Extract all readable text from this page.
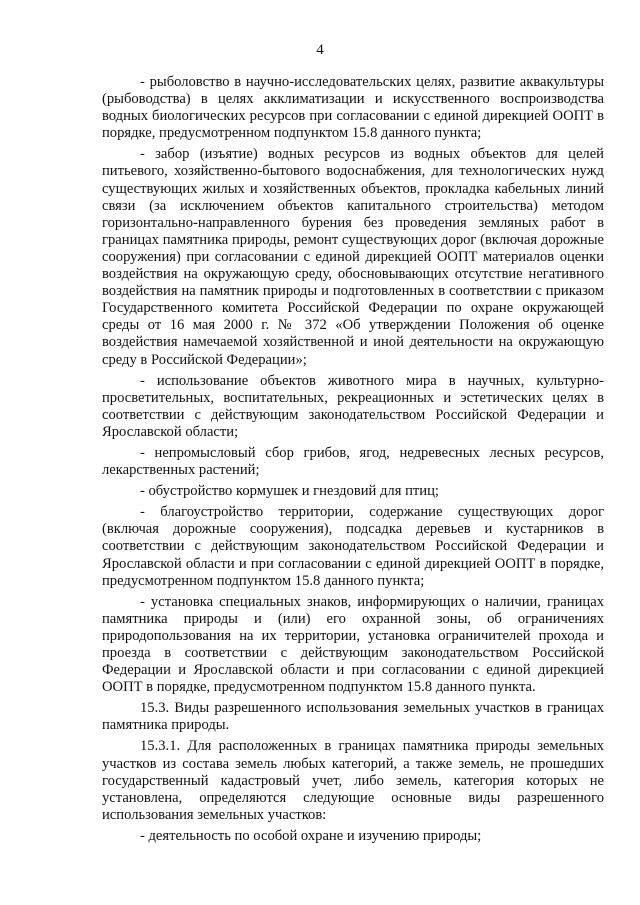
4

- рыболовство в научно-исследовательских целях, развитие аквакультуры (рыбоводства) в целях акклиматизации и искусственного воспроизводства водных биологических ресурсов при согласовании с единой дирекцией ООПТ в порядке, предусмотренном подпунктом 15.8 данного пункта;

- забор (изъятие) водных ресурсов из водных объектов для целей питьевого, хозяйственно-бытового водоснабжения, для технологических нужд существующих жилых и хозяйственных объектов, прокладка кабельных линий связи (за исключением объектов капитального строительства) методом горизонтально-направленного бурения без проведения земляных работ в границах памятника природы, ремонт существующих дорог (включая дорожные сооружения) при согласовании с единой дирекцией ООПТ материалов оценки воздействия на окружающую среду, обосновывающих отсутствие негативного воздействия на памятник природы и подготовленных в соответствии с приказом Государственного комитета Российской Федерации по охране окружающей среды от 16 мая 2000 г. № 372 «Об утверждении Положения об оценке воздействия намечаемой хозяйственной и иной деятельности на окружающую среду в Российской Федерации»;

- использование объектов животного мира в научных, культурно-просветительных, воспитательных, рекреационных и эстетических целях в соответствии с действующим законодательством Российской Федерации и Ярославской области;

- непромысловый сбор грибов, ягод, недревесных лесных ресурсов, лекарственных растений;

- обустройство кормушек и гнездовий для птиц;

- благоустройство территории, содержание существующих дорог (включая дорожные сооружения), подсадка деревьев и кустарников в соответствии с действующим законодательством Российской Федерации и Ярославской области и при согласовании с единой дирекцией ООПТ в порядке, предусмотренном подпунктом 15.8 данного пункта;

- установка специальных знаков, информирующих о наличии, границах памятника природы и (или) его охранной зоны, об ограничениях природопользования на их территории, установка ограничителей прохода и проезда в соответствии с действующим законодательством Российской Федерации и Ярославской области и при согласовании с единой дирекцией ООПТ в порядке, предусмотренном подпунктом 15.8 данного пункта.

15.3. Виды разрешенного использования земельных участков в границах памятника природы.

15.3.1. Для расположенных в границах памятника природы земельных участков из состава земель любых категорий, а также земель, не прошедших государственный кадастровый учет, либо земель, категория которых не установлена, определяются следующие основные виды разрешенного использования земельных участков:

- деятельность по особой охране и изучению природы;
